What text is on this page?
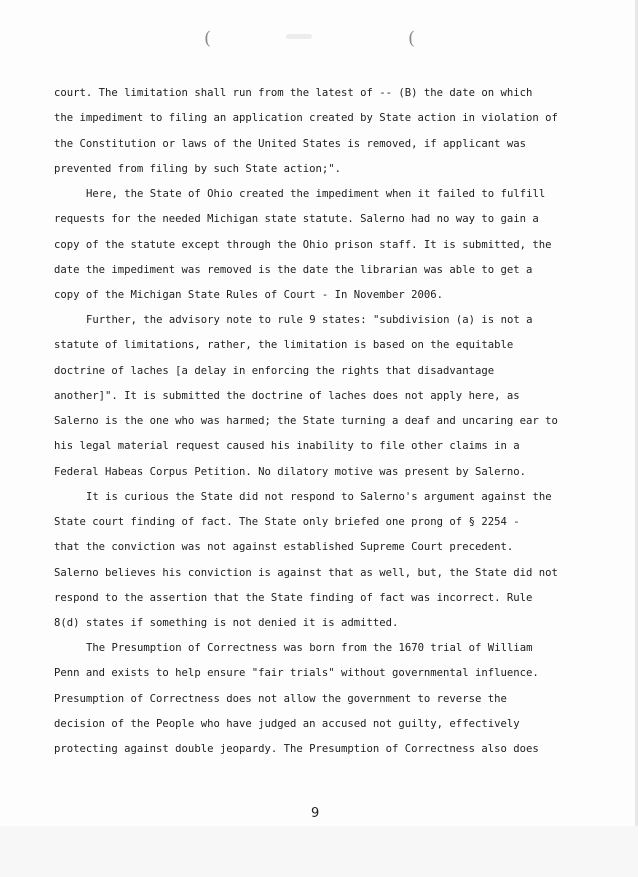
(	(
court. The limitation shall run from the latest of -- (B) the date on which
the impediment to filing an application created by State action in violation of
the Constitution or laws of the United States is removed, if applicant was
prevented from filing by such State action;".
Here, the State of Ohio created the impediment when it failed to fulfill
requests for the needed Michigan state statute. Salerno had no way to gain a
copy of the statute except through the Ohio prison staff. It is submitted, the
date the impediment was removed is the date the librarian was able to get a
copy of the Michigan State Rules of Court - In November 2006.
Further, the advisory note to rule 9 states: "subdivision (a) is not a
statute of limitations, rather, the limitation is based on the equitable
doctrine of laches [a delay in enforcing the rights that disadvantage
another]". It is submitted the doctrine of laches does not apply here, as
Salerno is the one who was harmed; the State turning a deaf and uncaring ear to
his legal material request caused his inability to file other claims in a
Federal Habeas Corpus Petition. No dilatory motive was present by Salerno.
It is curious the State did not respond to Salerno's argument against the
State court finding of fact. The State only briefed one prong of § 2254 -
that the conviction was not against established Supreme Court precedent.
Salerno believes his conviction is against that as well, but, the State did not
respond to the assertion that the State finding of fact was incorrect. Rule
8(d) states if something is not denied it is admitted.
The Presumption of Correctness was born from the 1670 trial of William
Penn and exists to help ensure "fair trials" without governmental influence.
Presumption of Correctness does not allow the government to reverse the
decision of the People who have judged an accused not guilty, effectively
protecting against double jeopardy. The Presumption of Correctness also does
9
